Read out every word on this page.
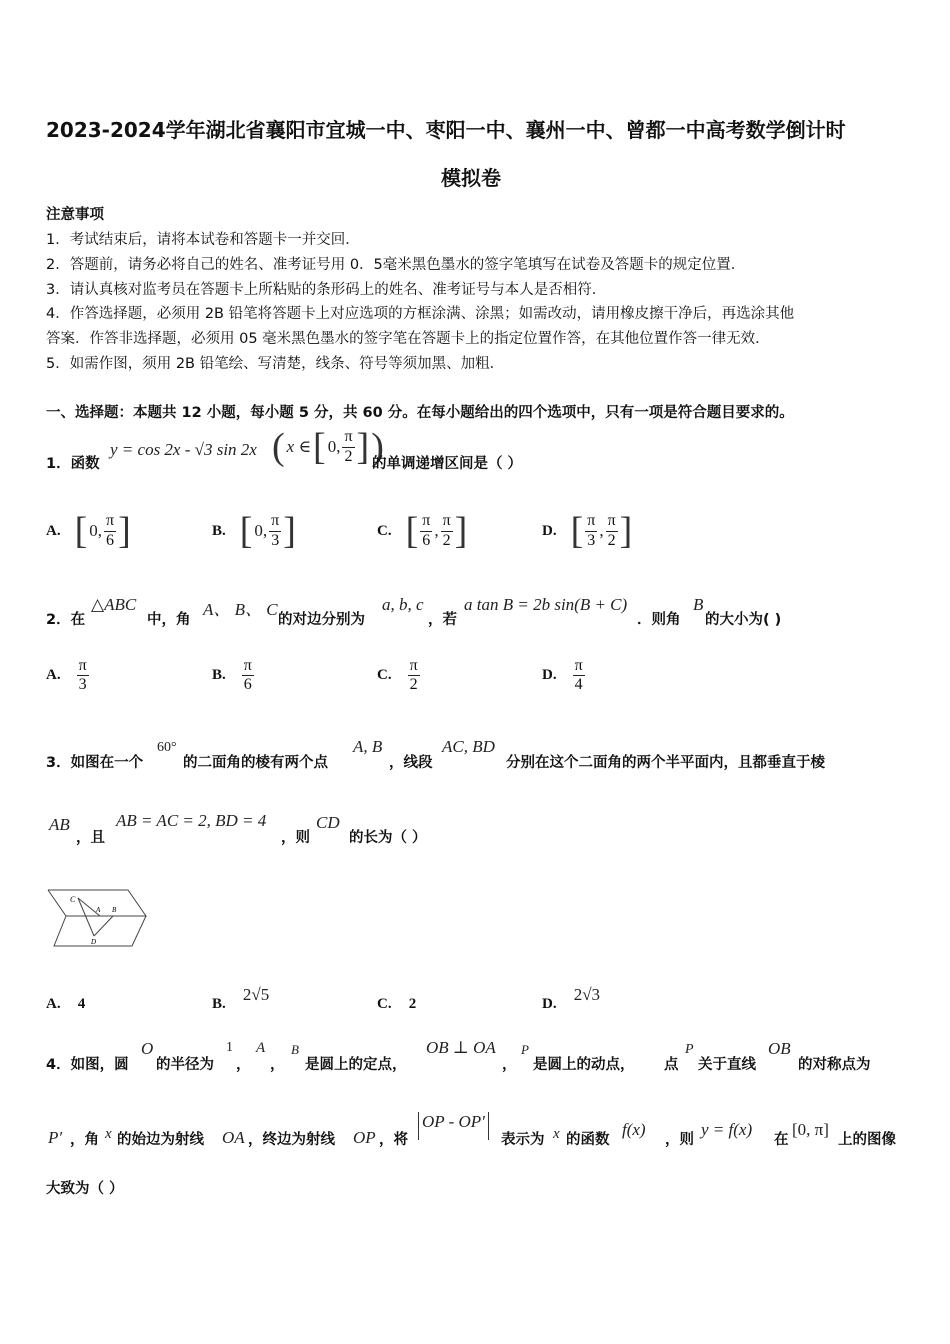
2023-2024学年湖北省襄阳市宜城一中、枣阳一中、襄州一中、曾都一中高考数学倒计时
模拟卷
注意事项
1．考试结束后，请将本试卷和答题卡一并交回．
2．答题前，请务必将自己的姓名、准考证号用 0．5毫米黑色墨水的签字笔填写在试卷及答题卡的规定位置．
3．请认真核对监考员在答题卡上所粘贴的条形码上的姓名、准考证号与本人是否相符．
4．作答选择题，必须用 2B 铅笔将答题卡上对应选项的方框涂满、涂黑；如需改动，请用橡皮擦干净后，再选涂其他
答案．作答非选择题，必须用 05 毫米黑色墨水的签字笔在答题卡上的指定位置作答，在其他位置作答一律无效．
5．如需作图，须用 2B 铅笔绘、写清楚，线条、符号等须加黑、加粗．
一、选择题：本题共 12 小题，每小题 5 分，共 60 分。在每小题给出的四个选项中，只有一项是符合题目要求的。
1．函数
y = cos 2x - √3 sin 2x ( x ∈ [ 0, $\frac{\pi}{2}$ ] )
的单调递增区间是（ ）
A. [ 0, $\frac{\pi}{6}$ ]	B. [ 0, $\frac{\pi}{3}$ ]	C. [ $\frac{\pi}{6}$ , $\frac{\pi}{2}$ ]	D. [ $\frac{\pi}{3}$ , $\frac{\pi}{2}$ ]
2．在
△ABC
中，角
A、 B、 C
的对边分别为
a, b, c
，若
a tan B = 2b sin(B + C)
．则角
B
的大小为( )
A. $\frac{\pi}{3}$	B. $\frac{\pi}{6}$	C. $\frac{\pi}{2}$	D. $\frac{\pi}{4}$
3．如图在一个
60°
的二面角的棱有两个点
A, B
，线段
AC, BD
分别在这个二面角的两个半平面内，且都垂直于棱
AB
，且
AB = AC = 2, BD = 4
，则
CD
的长为（ ）
C
A B
D
A. 4	B. 2√5	C. 2	D. 2√3
4．如图，圆
O
的半径为
1
，
A
，
B
是圆上的定点，
OB ⊥ OA
，
P
是圆上的动点， 点
P
关于直线
OB
的对称点为
P′ ，角 x 的始边为射线 OA ，终边为射线 OP ，将
OP - OP′
表示为 x 的函数
f(x)
，则
y = f(x)
在
[0, π]
上的图像
大致为（ ）
